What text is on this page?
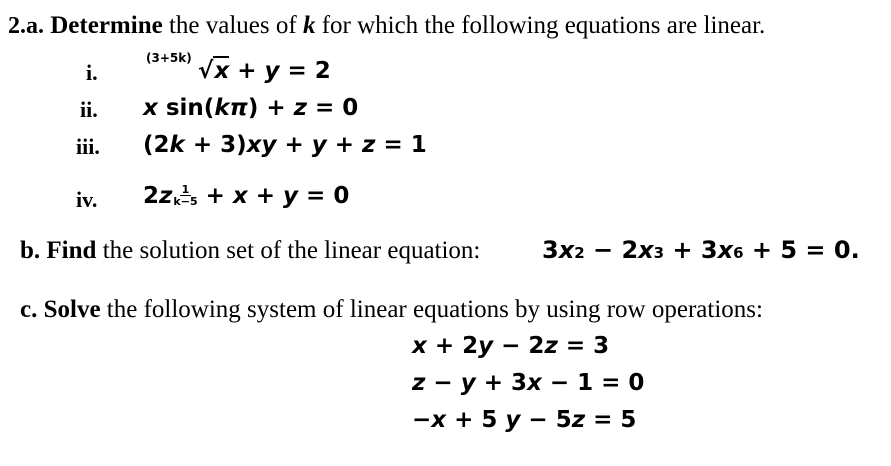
2.a. Determine the values of k for which the following equations are linear.
i.
(3+5k) √x + y = 2
ii. x sin(kπ) + z = 0
iii. (2k + 3)xy + y + z = 1
iv. $2z \frac{1}{k-5} + x + y = 0$
b. Find the solution set of the linear equation:	3x2 − 2x3 + 3x6 + 5 = 0.
c. Solve the following system of linear equations by using row operations:
x + 2y − 2z = 3
z − y + 3x − 1 = 0
−x + 5 y − 5z = 5
